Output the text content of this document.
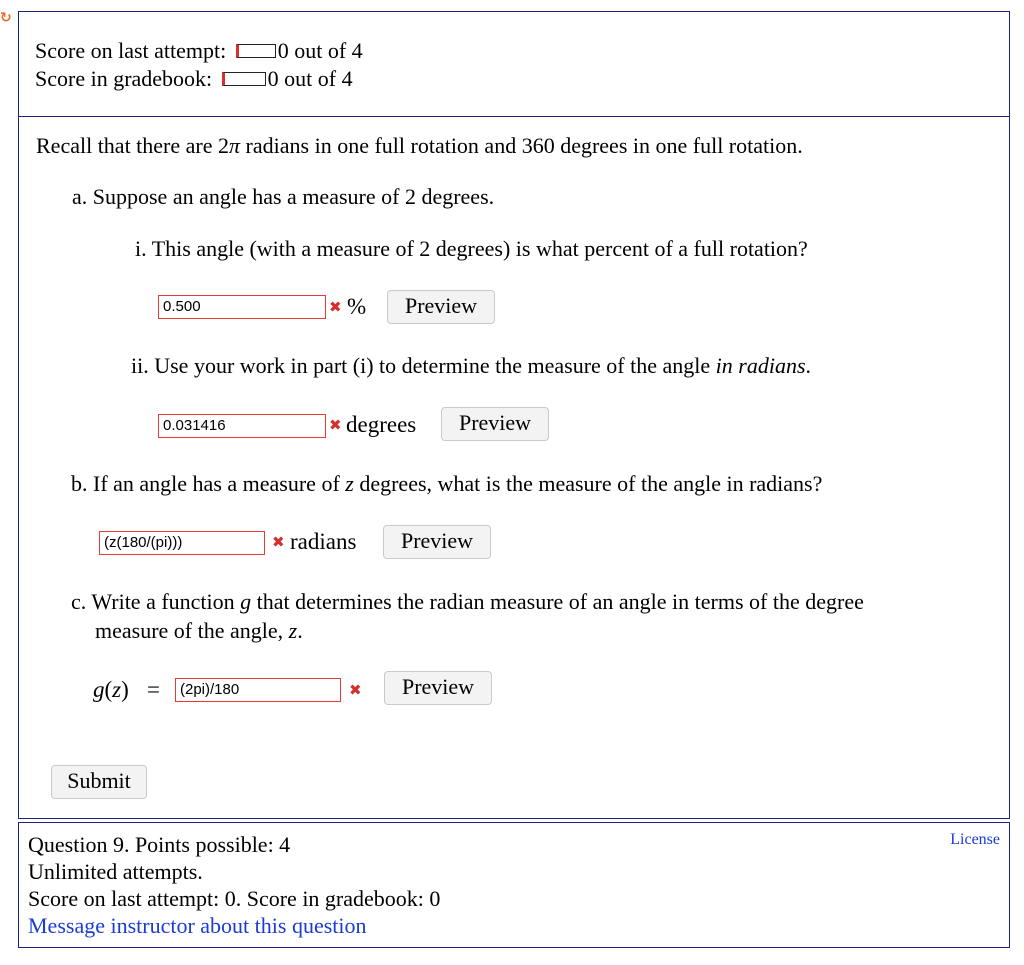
↻
Score on last attempt: 0 out of 4
Score in gradebook:	0 out of 4
Recall that there are 2π radians in one full rotation and 360 degrees in one full rotation.
a. Suppose an angle has a measure of 2 degrees.
i. This angle (with a measure of 2 degrees) is what percent of a full rotation?
0.500	✖ %	Preview
ii. Use your work in part (i) to determine the measure of the angle in radians.
0.031416	✖ degrees	Preview
b. If an angle has a measure of z degrees, what is the measure of the angle in radians?
(z(180/(pi)))	✖ radians	Preview
c. Write a function g that determines the radian measure of an angle in terms of the degree
measure of the angle, z.
g(z) =	(2pi)/180	✖	Preview
Submit
Question 9. Points possible: 4
Unlimited attempts.
Score on last attempt: 0. Score in gradebook: 0
Message instructor about this question
License
